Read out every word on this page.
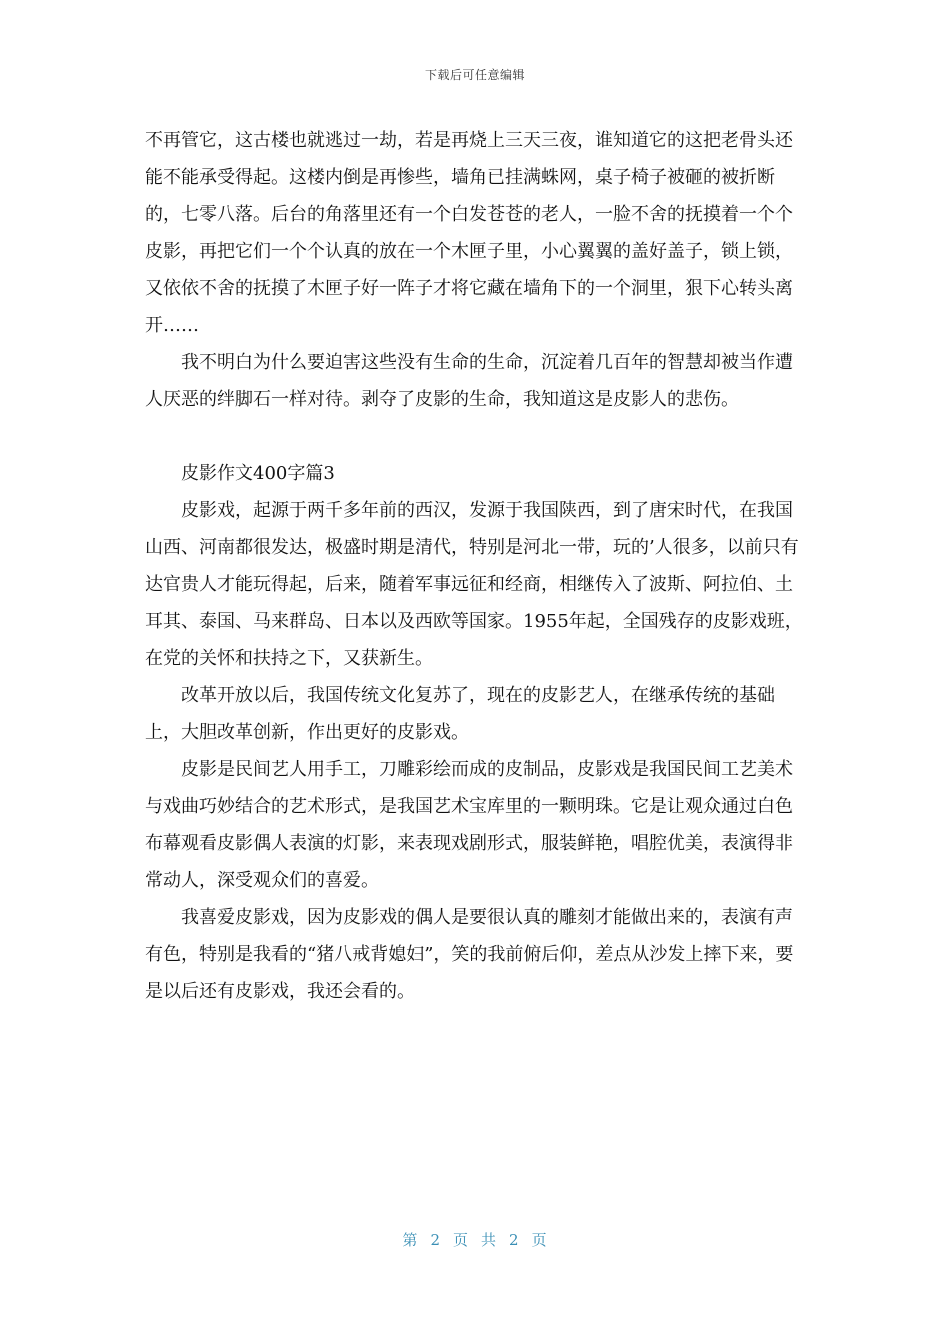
下载后可任意编辑

不再管它，这古楼也就逃过一劫，若是再烧上三天三夜，谁知道它的这把老骨头还能不能承受得起。这楼内倒是再惨些，墙角已挂满蛛网，桌子椅子被砸的被折断的，七零八落。后台的角落里还有一个白发苍苍的老人，一脸不舍的抚摸着一个个皮影，再把它们一个个认真的放在一个木匣子里，小心翼翼的盖好盖子，锁上锁，又依依不舍的抚摸了木匣子好一阵子才将它藏在墙角下的一个洞里，狠下心转头离开……

我不明白为什么要迫害这些没有生命的生命，沉淀着几百年的智慧却被当作遭人厌恶的绊脚石一样对待。剥夺了皮影的生命，我知道这是皮影人的悲伤。

皮影作文400字篇3

皮影戏，起源于两千多年前的西汉，发源于我国陕西，到了唐宋时代，在我国山西、河南都很发达，极盛时期是清代，特别是河北一带，玩的’人很多，以前只有达官贵人才能玩得起，后来，随着军事远征和经商，相继传入了波斯、阿拉伯、土耳其、泰国、马来群岛、日本以及西欧等国家。1955年起，全国残存的皮影戏班，在党的关怀和扶持之下，又获新生。

改革开放以后，我国传统文化复苏了，现在的皮影艺人，在继承传统的基础上，大胆改革创新，作出更好的皮影戏。

皮影是民间艺人用手工，刀雕彩绘而成的皮制品，皮影戏是我国民间工艺美术与戏曲巧妙结合的艺术形式，是我国艺术宝库里的一颗明珠。它是让观众通过白色布幕观看皮影偶人表演的灯影，来表现戏剧形式，服装鲜艳，唱腔优美，表演得非常动人，深受观众们的喜爱。

我喜爱皮影戏，因为皮影戏的偶人是要很认真的雕刻才能做出来的，表演有声有色，特别是我看的“猪八戒背媳妇”，笑的我前俯后仰，差点从沙发上摔下来，要是以后还有皮影戏，我还会看的。

第 2 页 共 2 页
